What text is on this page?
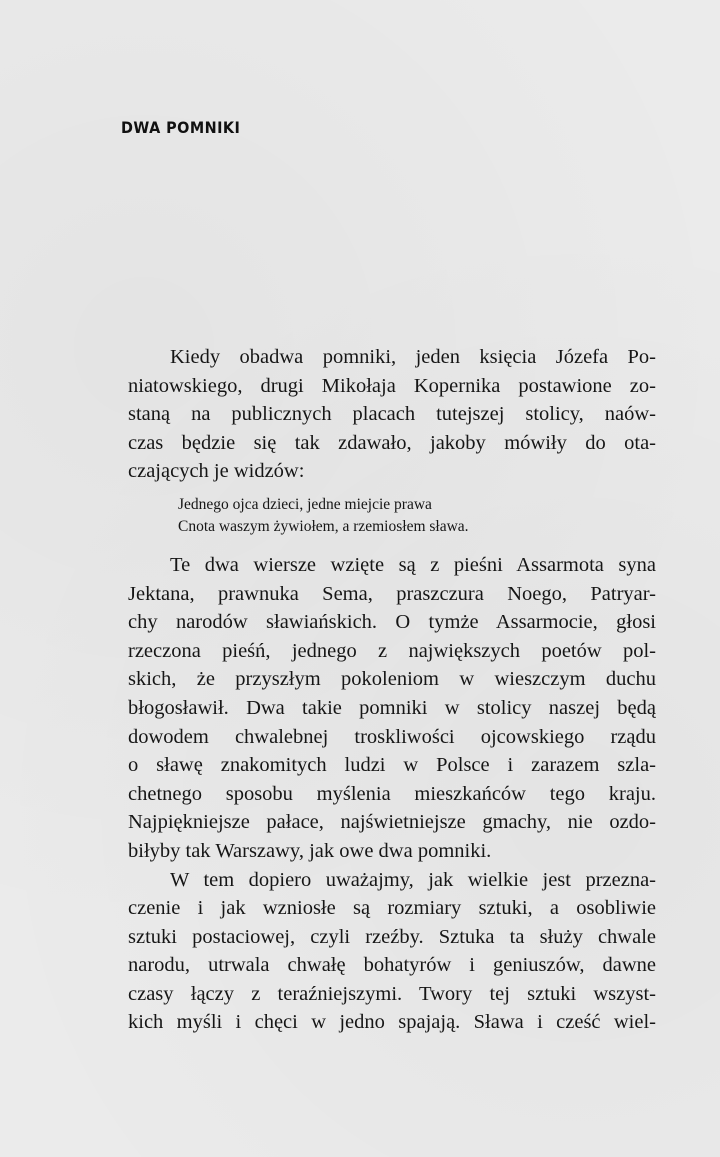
DWA POMNIKI
Kiedy obadwa pomniki, jeden księcia Józefa Po-
niatowskiego, drugi Mikołaja Kopernika postawione zo-
staną na publicznych placach tutejszej stolicy, naów-
czas będzie się tak zdawało, jakoby mówiły do ota-
czających je widzów:
Jednego ojca dzieci, jedne miejcie prawa
Cnota waszym żywiołem, a rzemiosłem sława.
Te dwa wiersze wzięte są z pieśni Assarmota syna
Jektana, prawnuka Sema, praszczura Noego, Patryar-
chy narodów sławiańskich. O tymże Assarmocie, głosi
rzeczona pieśń, jednego z największych poetów pol-
skich, że przyszłym pokoleniom w wieszczym duchu
błogosławił. Dwa takie pomniki w stolicy naszej będą
dowodem chwalebnej troskliwości ojcowskiego rządu
o sławę znakomitych ludzi w Polsce i zarazem szla-
chetnego sposobu myślenia mieszkańców tego kraju.
Najpiękniejsze pałace, najświetniejsze gmachy, nie ozdo-
biłyby tak Warszawy, jak owe dwa pomniki.
W tem dopiero uważajmy, jak wielkie jest przezna-
czenie i jak wzniosłe są rozmiary sztuki, a osobliwie
sztuki postaciowej, czyli rzeźby. Sztuka ta służy chwale
narodu, utrwala chwałę bohatyrów i geniuszów, dawne
czasy łączy z teraźniejszymi. Twory tej sztuki wszyst-
kich myśli i chęci w jedno spajają. Sława i cześć wiel-
